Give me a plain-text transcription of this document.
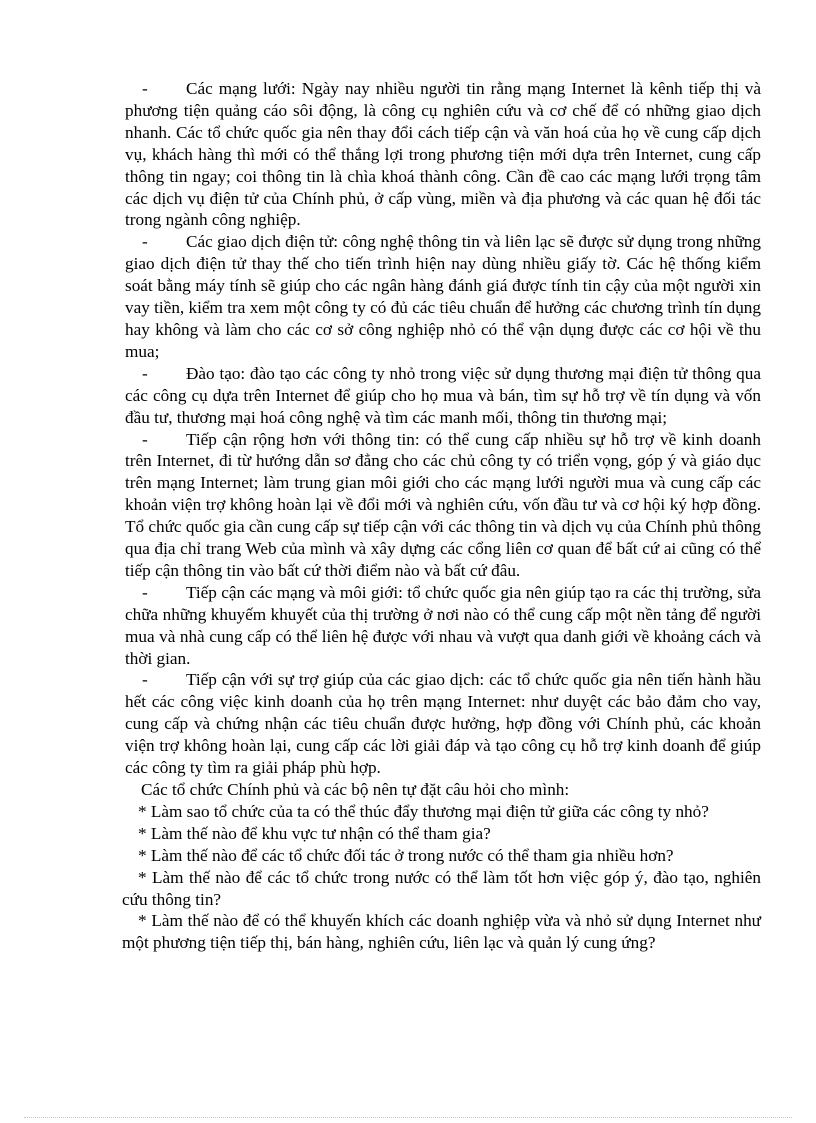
- Các mạng lưới: Ngày nay nhiều người tin rằng mạng Internet là kênh tiếp thị và phương tiện quảng cáo sôi động, là công cụ nghiên cứu và cơ chế để có những giao dịch nhanh. Các tổ chức quốc gia nên thay đổi cách tiếp cận và văn hoá của họ về cung cấp dịch vụ, khách hàng thì mới có thể thắng lợi trong phương tiện mới dựa trên Internet, cung cấp thông tin ngay; coi thông tin là chìa khoá thành công. Cần đề cao các mạng lưới trọng tâm các dịch vụ điện tử của Chính phủ, ở cấp vùng, miền và địa phương và các quan hệ đối tác trong ngành công nghiệp.

- Các giao dịch điện tử: công nghệ thông tin và liên lạc sẽ được sử dụng trong những giao dịch điện tử thay thế cho tiến trình hiện nay dùng nhiều giấy tờ. Các hệ thống kiểm soát bằng máy tính sẽ giúp cho các ngân hàng đánh giá được tính tin cậy của một người xin vay tiền, kiểm tra xem một công ty có đủ các tiêu chuẩn để hưởng các chương trình tín dụng hay không và làm cho các cơ sở công nghiệp nhỏ có thể vận dụng được các cơ hội về thu mua;

- Đào tạo: đào tạo các công ty nhỏ trong việc sử dụng thương mại điện tử thông qua các công cụ dựa trên Internet để giúp cho họ mua và bán, tìm sự hỗ trợ về tín dụng và vốn đầu tư, thương mại hoá công nghệ và tìm các manh mối, thông tin thương mại;

- Tiếp cận rộng hơn với thông tin: có thể cung cấp nhiều sự hỗ trợ về kinh doanh trên Internet, đi từ hướng dẫn sơ đẳng cho các chủ công ty có triển vọng, góp ý và giáo dục trên mạng Internet; làm trung gian môi giới cho các mạng lưới người mua và cung cấp các khoản viện trợ không hoàn lại về đổi mới và nghiên cứu, vốn đầu tư và cơ hội ký hợp đồng. Tổ chức quốc gia cần cung cấp sự tiếp cận với các thông tin và dịch vụ của Chính phủ thông qua địa chỉ trang Web của mình và xây dựng các cổng liên cơ quan để bất cứ ai cũng có thể tiếp cận thông tin vào bất cứ thời điểm nào và bất cứ đâu.

- Tiếp cận các mạng và môi giới: tổ chức quốc gia nên giúp tạo ra các thị trường, sửa chữa những khuyếm khuyết của thị trường ở nơi nào có thể cung cấp một nền tảng để người mua và nhà cung cấp có thể liên hệ được với nhau và vượt qua danh giới về khoảng cách và thời gian.

- Tiếp cận với sự trợ giúp của các giao dịch: các tổ chức quốc gia nên tiến hành hầu hết các công việc kinh doanh của họ trên mạng Internet: như duyệt các bảo đảm cho vay, cung cấp và chứng nhận các tiêu chuẩn được hưởng, hợp đồng với Chính phủ, các khoản viện trợ không hoàn lại, cung cấp các lời giải đáp và tạo công cụ hỗ trợ kinh doanh để giúp các công ty tìm ra giải pháp phù hợp.

Các tổ chức Chính phủ và các bộ nên tự đặt câu hỏi cho mình:

* Làm sao tổ chức của ta có thể thúc đẩy thương mại điện tử giữa các công ty nhỏ?

* Làm thế nào để khu vực tư nhận có thể tham gia?

* Làm thế nào để các tổ chức đối tác ở trong nước có thể tham gia nhiều hơn?

* Làm thế nào để các tổ chức trong nước có thể làm tốt hơn việc góp ý, đào tạo, nghiên cứu thông tin?

* Làm thế nào để có thể khuyến khích các doanh nghiệp vừa và nhỏ sử dụng Internet như một phương tiện tiếp thị, bán hàng, nghiên cứu, liên lạc và quản lý cung ứng?
